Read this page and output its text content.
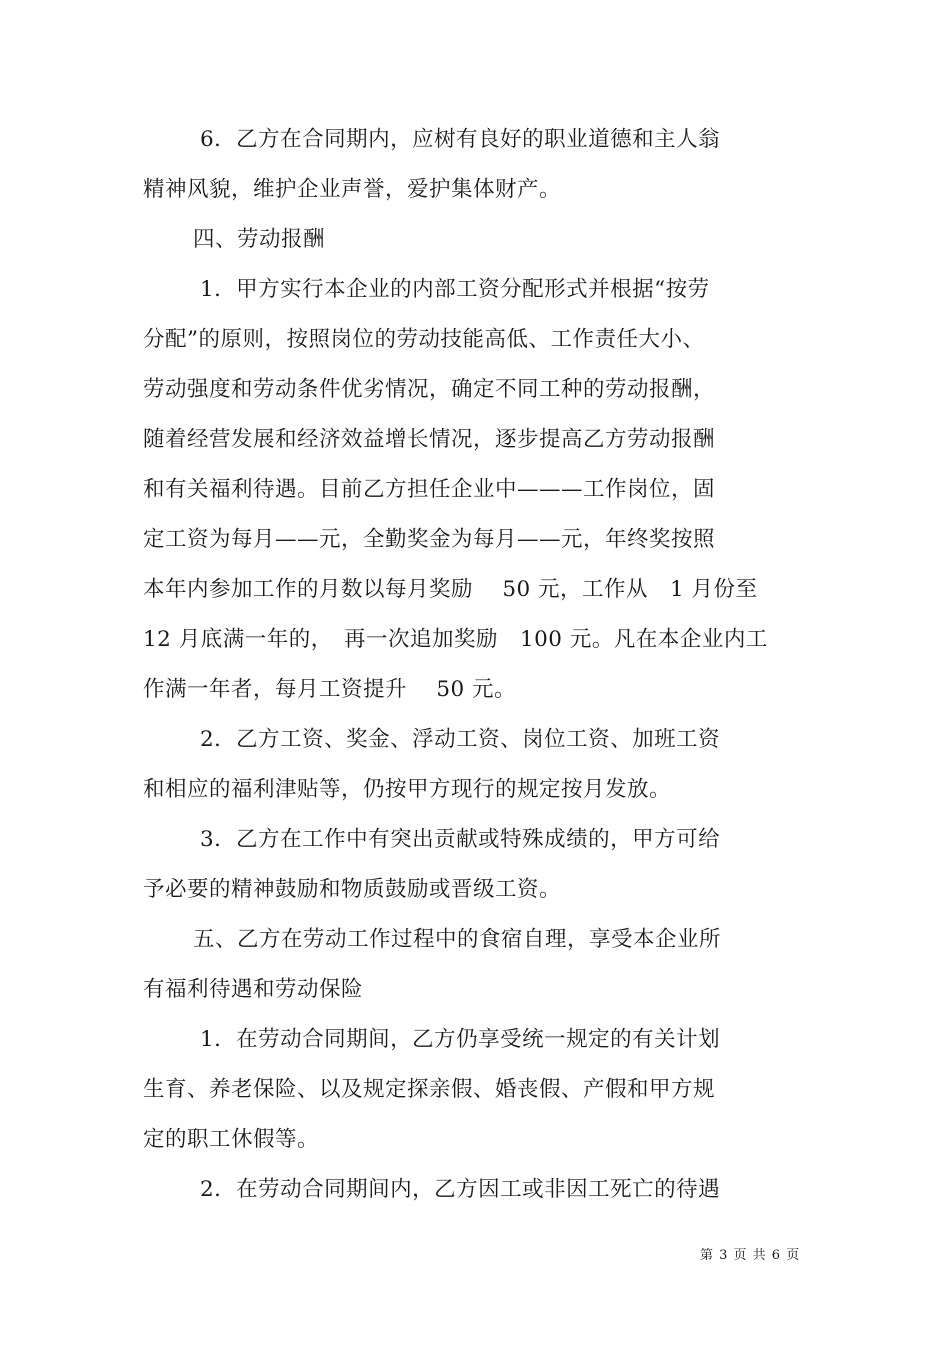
6．乙方在合同期内，应树有良好的职业道德和主人翁
精神风貌，维护企业声誉，爱护集体财产。
四、劳动报酬
1．甲方实行本企业的内部工资分配形式并根据“按劳
分配”的原则，按照岗位的劳动技能高低、工作责任大小、
劳动强度和劳动条件优劣情况，确定不同工种的劳动报酬，
随着经营发展和经济效益增长情况，逐步提高乙方劳动报酬
和有关福利待遇。目前乙方担任企业中———工作岗位，固
定工资为每月——元，全勤奖金为每月——元，年终奖按照
本年内参加工作的月数以每月奖励　 50 元，工作从　1 月份至
12 月底满一年的，　再一次追加奖励　100 元。凡在本企业内工
作满一年者，每月工资提升　 50 元。
2．乙方工资、奖金、浮动工资、岗位工资、加班工资
和相应的福利津贴等，仍按甲方现行的规定按月发放。
3．乙方在工作中有突出贡献或特殊成绩的，甲方可给
予必要的精神鼓励和物质鼓励或晋级工资。
五、乙方在劳动工作过程中的食宿自理，享受本企业所
有福利待遇和劳动保险
1．在劳动合同期间，乙方仍享受统一规定的有关计划
生育、养老保险、以及规定探亲假、婚丧假、产假和甲方规
定的职工休假等。
2．在劳动合同期间内，乙方因工或非因工死亡的待遇
第 3 页 共 6 页
